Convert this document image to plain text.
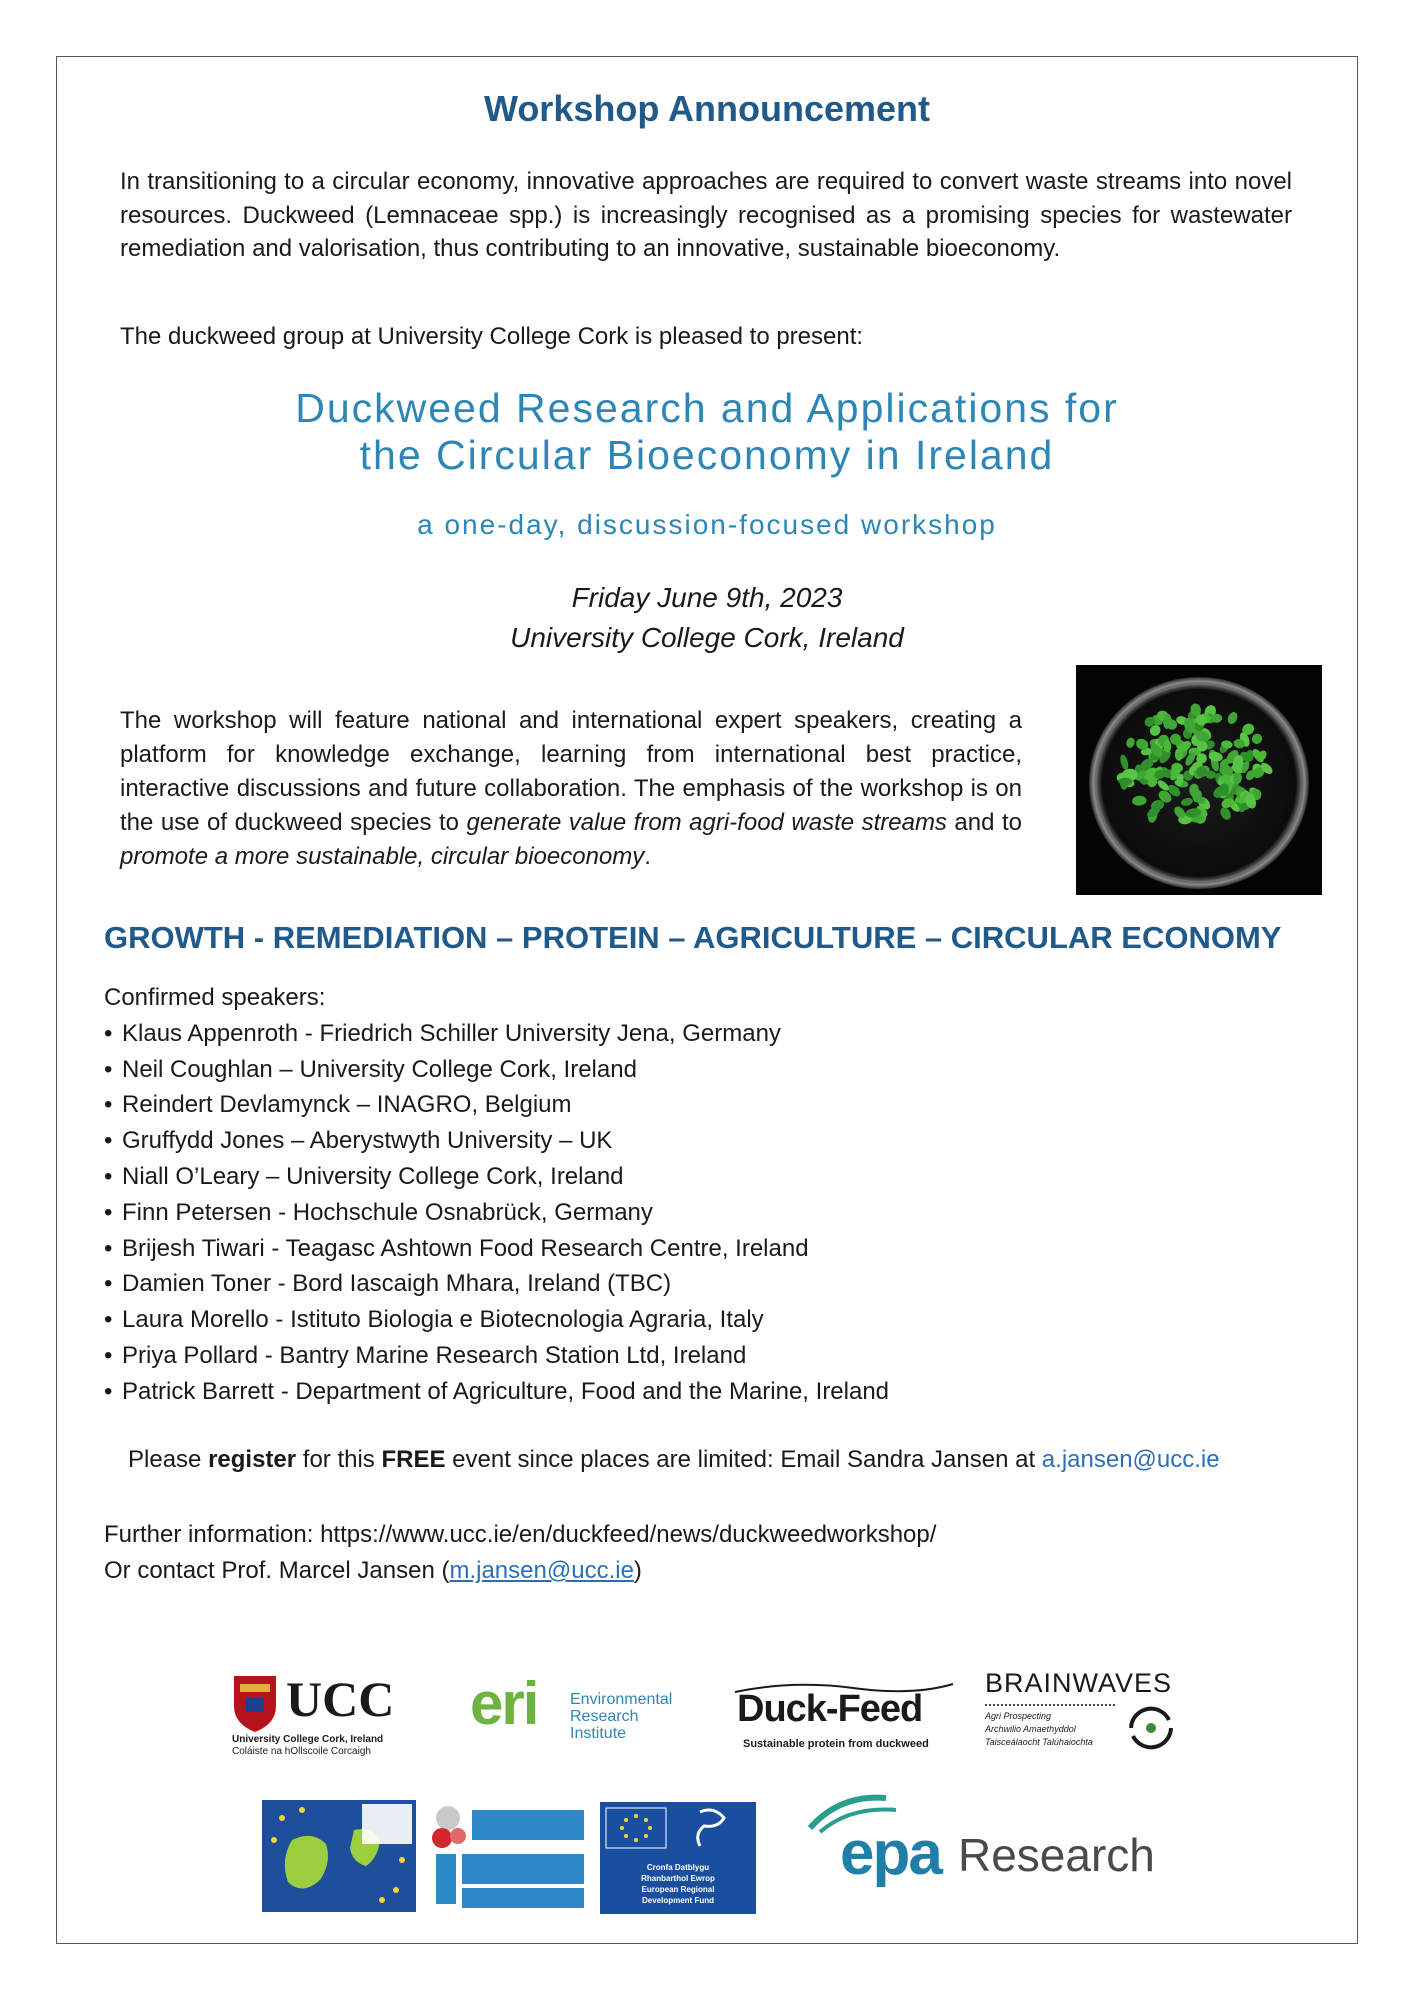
Workshop Announcement
In transitioning to a circular economy, innovative approaches are required to convert waste streams into novel resources. Duckweed (Lemnaceae spp.) is increasingly recognised as a promising species for wastewater remediation and valorisation, thus contributing to an innovative, sustainable bioeconomy.
The duckweed group at University College Cork is pleased to present:
Duckweed Research and Applications for
the Circular Bioeconomy in Ireland
a one-day, discussion-focused workshop
Friday June 9th, 2023
University College Cork, Ireland
The workshop will feature national and international expert speakers, creating a platform for knowledge exchange, learning from international best practice, interactive discussions and future collaboration. The emphasis of the workshop is on the use of duckweed species to generate value from agri-food waste streams and to promote a more sustainable, circular bioeconomy.
GROWTH - REMEDIATION – PROTEIN – AGRICULTURE – CIRCULAR ECONOMY
Confirmed speakers:
• Klaus Appenroth - Friedrich Schiller University Jena, Germany
• Neil Coughlan – University College Cork, Ireland
• Reindert Devlamynck – INAGRO, Belgium
• Gruffydd Jones – Aberystwyth University – UK
• Niall O’Leary – University College Cork, Ireland
• Finn Petersen - Hochschule Osnabrück, Germany
• Brijesh Tiwari - Teagasc Ashtown Food Research Centre, Ireland
• Damien Toner - Bord Iascaigh Mhara, Ireland (TBC)
• Laura Morello - Istituto Biologia e Biotecnologia Agraria, Italy
• Priya Pollard - Bantry Marine Research Station Ltd, Ireland
• Patrick Barrett - Department of Agriculture, Food and the Marine, Ireland
Please register for this FREE event since places are limited: Email Sandra Jansen at a.jansen@ucc.ie
Further information: https://www.ucc.ie/en/duckfeed/news/duckweedworkshop/
Or contact Prof. Marcel Jansen (m.jansen@ucc.ie)
UCC
University College Cork, Ireland
Coláiste na hOllscoile Corcaigh
eri Environmental
Research
Institute
Duck-Feed
Sustainable protein from duckweed
BRAINWAVES
Agri Prospecting
Archwilio Amaethyddol
Taisceálaocht Talúhaiochta
Cronfa Datblygu Rhanbarthol Ewrop European Regional Development Fund
epa Research
